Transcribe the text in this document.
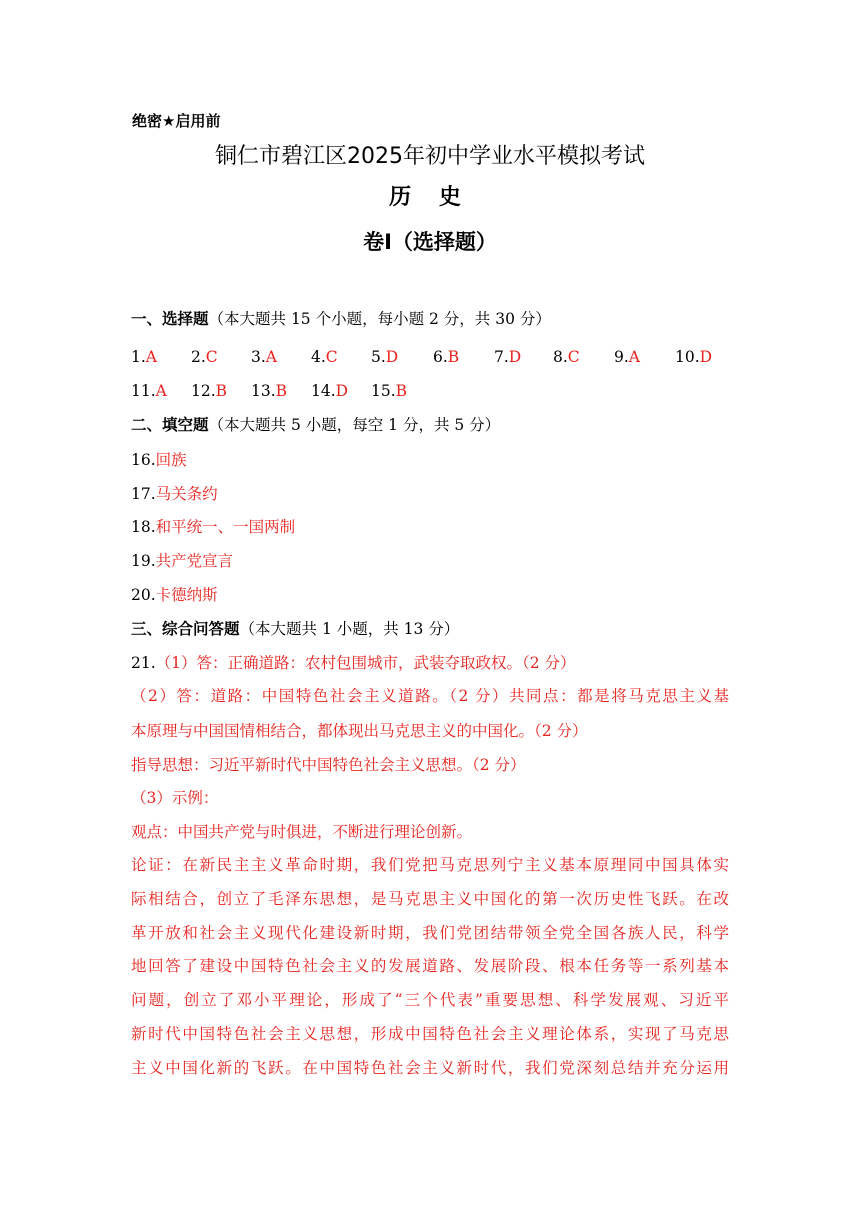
绝密★启用前
铜仁市碧江区2025年初中学业水平模拟考试
历 史
卷Ⅰ（选择题）
一、选择题（本大题共 15 个小题，每小题 2 分，共 30 分）
1.A 2.C 3.A 4.C 5.D 6.B 7.D 8.C 9.A 10.D
11.A 12.B 13.B 14.D 15.B
二、填空题（本大题共 5 小题，每空 1 分，共 5 分）
16.回族
17.马关条约
18.和平统一、一国两制
19.共产党宣言
20.卡德纳斯
三、综合问答题（本大题共 1 小题，共 13 分）
21.（1）答：正确道路：农村包围城市，武装夺取政权。（2 分）
（2）答：道路：中国特色社会主义道路。（2 分）共同点：都是将马克思主义基
本原理与中国国情相结合，都体现出马克思主义的中国化。（2 分）
指导思想：习近平新时代中国特色社会主义思想。（2 分）
（3）示例：
观点：中国共产党与时俱进，不断进行理论创新。
论证：在新民主主义革命时期，我们党把马克思列宁主义基本原理同中国具体实
际相结合，创立了毛泽东思想，是马克思主义中国化的第一次历史性飞跃。在改
革开放和社会主义现代化建设新时期，我们党团结带领全党全国各族人民，科学
地回答了建设中国特色社会主义的发展道路、发展阶段、根本任务等一系列基本
问题，创立了邓小平理论，形成了“三个代表”重要思想、科学发展观、习近平
新时代中国特色社会主义思想，形成中国特色社会主义理论体系，实现了马克思
主义中国化新的飞跃。在中国特色社会主义新时代，我们党深刻总结并充分运用
